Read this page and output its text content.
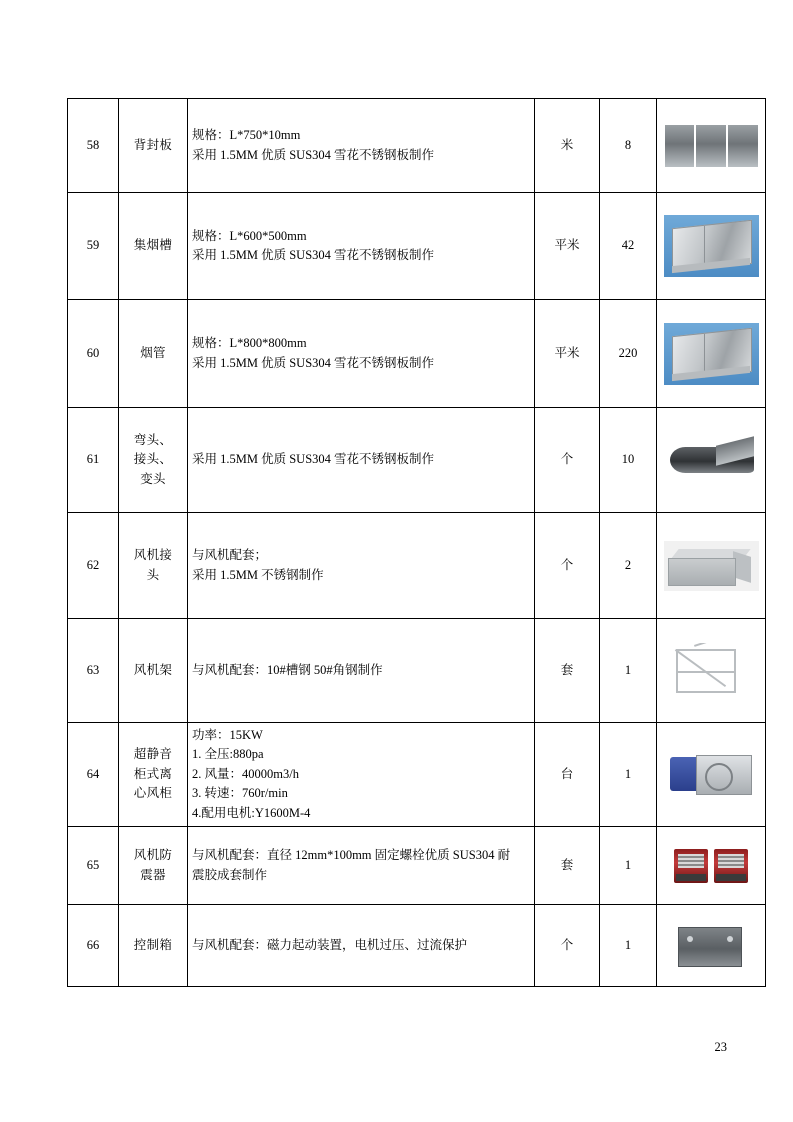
58	背封板	规格：L*750*10mm
采用 1.5MM 优质 SUS304 雪花不锈钢板制作	米	8	

59	集烟槽	规格：L*600*500mm
采用 1.5MM 优质 SUS304 雪花不锈钢板制作	平米	42	

60	烟管	规格：L*800*800mm
采用 1.5MM 优质 SUS304 雪花不锈钢板制作	平米	220	

61	弯头、接头、变头	采用 1.5MM 优质 SUS304 雪花不锈钢板制作	个	10	

62	风机接头	与风机配套；
采用 1.5MM 不锈钢制作	个	2	

63	风机架	与风机配套：10#槽钢 50#角钢制作	套	1	

64	超静音柜式离心风柜	功率：15KW
1. 全压:880pa
2. 风量：40000m3/h
3. 转速：760r/min
4.配用电机:Y1600M-4	台	1	

65	风机防震器	与风机配套：直径 12mm*100mm 固定螺栓优质 SUS304 耐
震胶成套制作	套	1	

66	控制箱	与风机配套：磁力起动装置，电机过压、过流保护	个	1	
23
